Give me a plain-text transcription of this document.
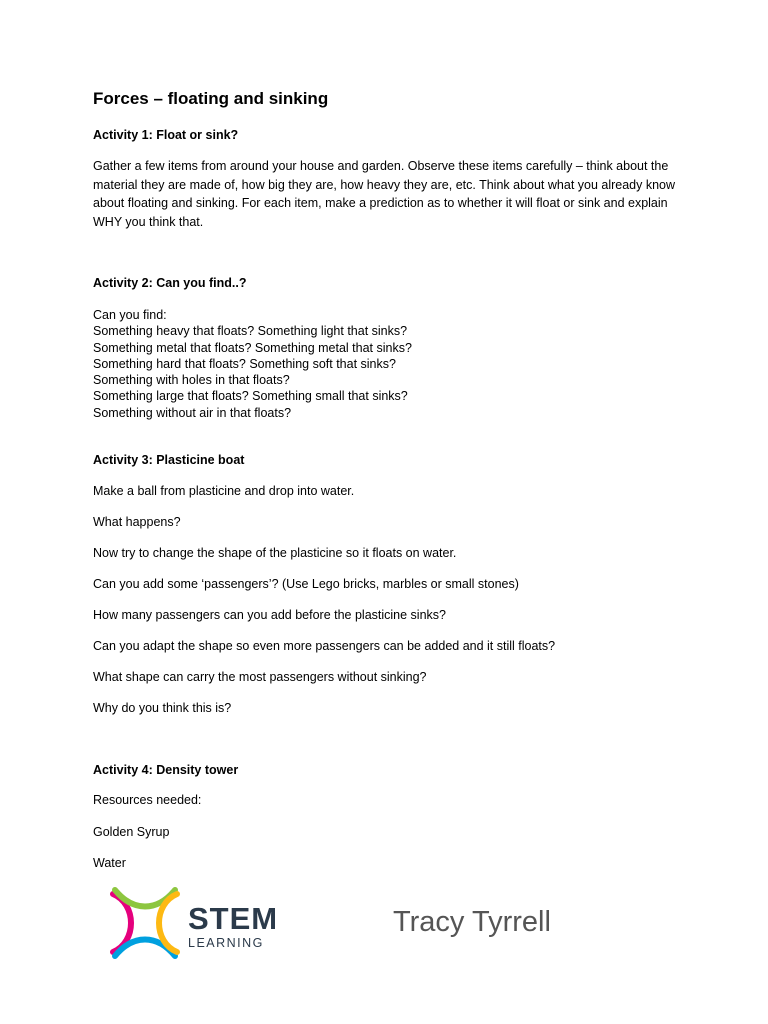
Forces – floating and sinking
Activity 1: Float or sink?
Gather a few items from around your house and garden. Observe these items carefully – think about the material they are made of, how big they are, how heavy they are, etc. Think about what you already know about floating and sinking. For each item, make a prediction as to whether it will float or sink and explain WHY you think that.
Activity 2: Can you find..?
Can you find:
Something heavy that floats? Something light that sinks?
Something metal that floats? Something metal that sinks?
Something hard that floats? Something soft that sinks?
Something with holes in that floats?
Something large that floats? Something small that sinks?
Something without air in that floats?
Activity 3: Plasticine boat
Make a ball from plasticine and drop into water.
What happens?
Now try to change the shape of the plasticine so it floats on water.
Can you add some ‘passengers’? (Use Lego bricks, marbles or small stones)
How many passengers can you add before the plasticine sinks?
Can you adapt the shape so even more passengers can be added and it still floats?
What shape can carry the most passengers without sinking?
Why do you think this is?
Activity 4: Density tower
Resources needed:
Golden Syrup
Water
STEM
LEARNING
Tracy Tyrrell
